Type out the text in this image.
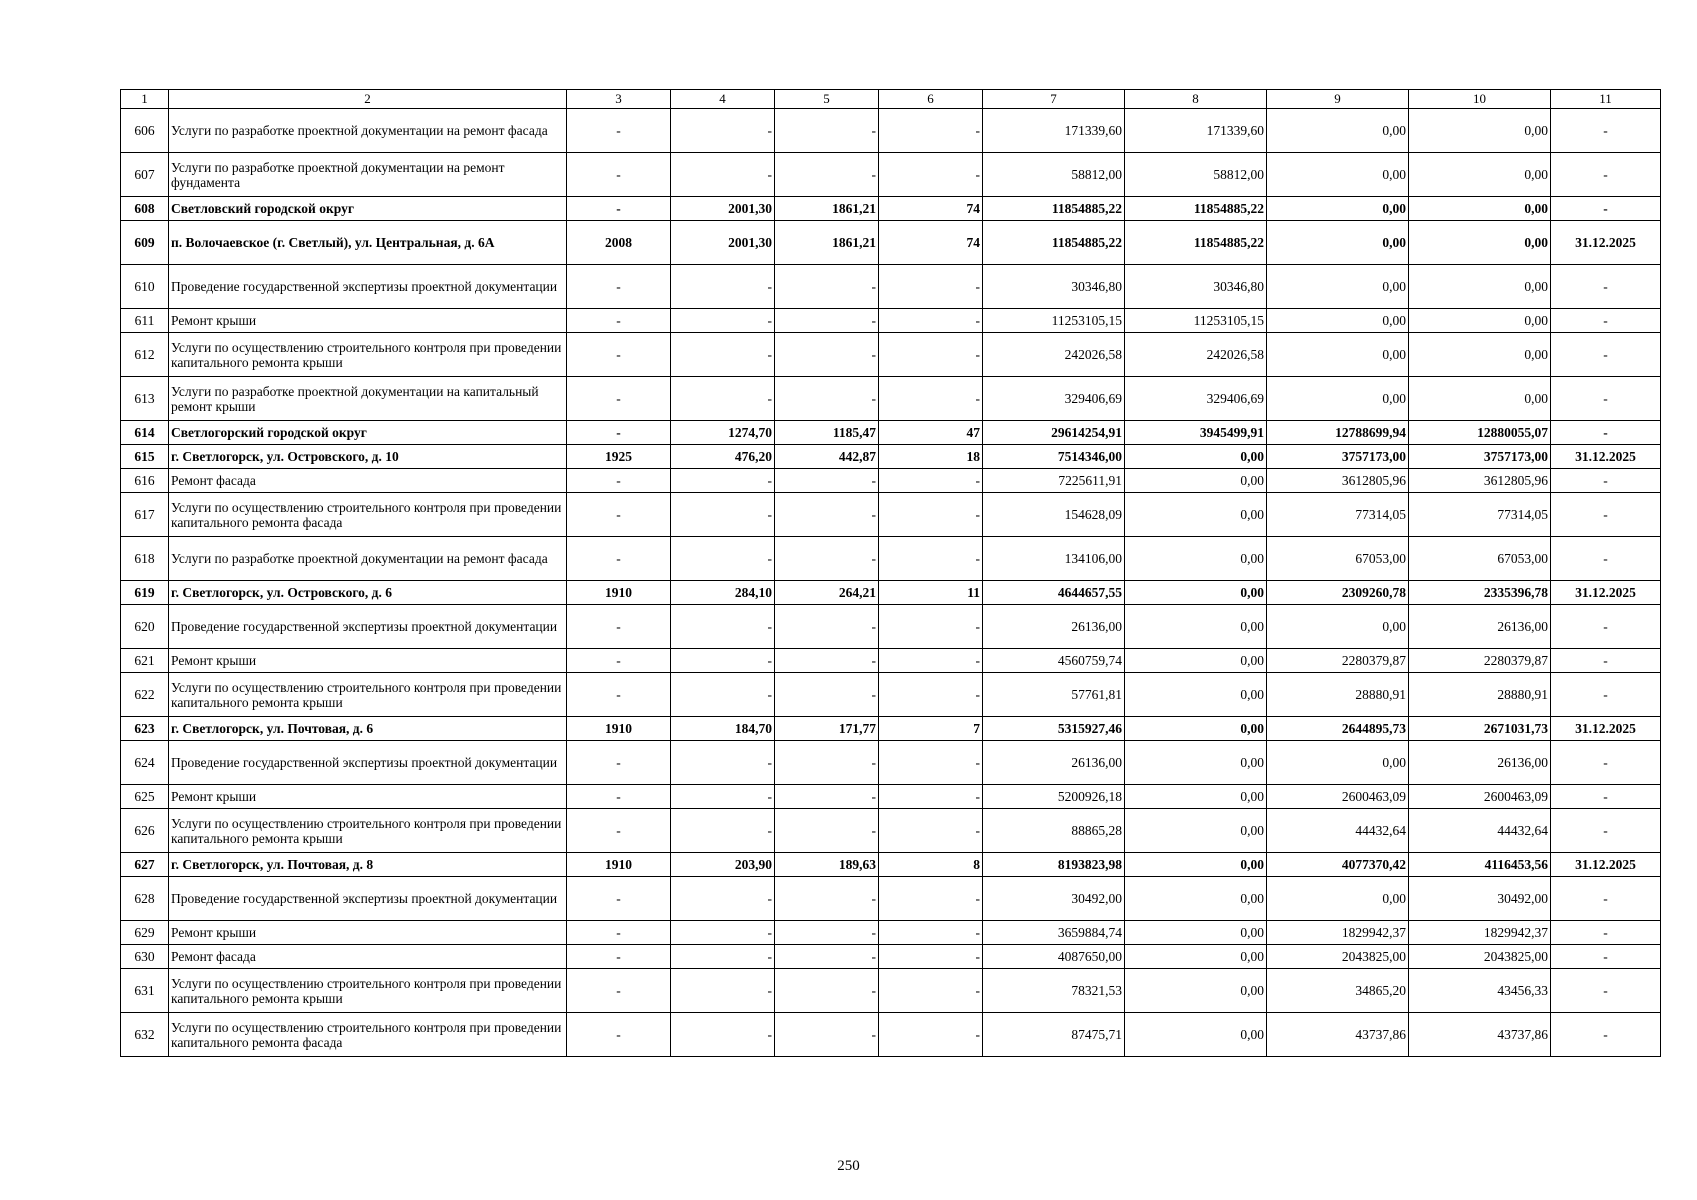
1	2	3	4	5	6	7	8	9	10	11
606	Услуги по разработке проектной документации на ремонт фасада	-	-	-	-	171339,60	171339,60	0,00	0,00	-
607	Услуги по разработке проектной документации на ремонт фундамента	-	-	-	-	58812,00	58812,00	0,00	0,00	-
608	Светловский городской округ	-	2001,30	1861,21	74	11854885,22	11854885,22	0,00	0,00	-
609	п. Волочаевское (г. Светлый), ул. Центральная, д. 6А	2008	2001,30	1861,21	74	11854885,22	11854885,22	0,00	0,00	31.12.2025
610	Проведение государственной экспертизы проектной документации	-	-	-	-	30346,80	30346,80	0,00	0,00	-
611	Ремонт крыши	-	-	-	-	11253105,15	11253105,15	0,00	0,00	-
612	Услуги по осуществлению строительного контроля при проведении капитального ремонта крыши	-	-	-	-	242026,58	242026,58	0,00	0,00	-
613	Услуги по разработке проектной документации на капитальный ремонт крыши	-	-	-	-	329406,69	329406,69	0,00	0,00	-
614	Светлогорский городской округ	-	1274,70	1185,47	47	29614254,91	3945499,91	12788699,94	12880055,07	-
615	г. Светлогорск, ул. Островского, д. 10	1925	476,20	442,87	18	7514346,00	0,00	3757173,00	3757173,00	31.12.2025
616	Ремонт фасада	-	-	-	-	7225611,91	0,00	3612805,96	3612805,96	-
617	Услуги по осуществлению строительного контроля при проведении капитального ремонта фасада	-	-	-	-	154628,09	0,00	77314,05	77314,05	-
618	Услуги по разработке проектной документации на ремонт фасада	-	-	-	-	134106,00	0,00	67053,00	67053,00	-
619	г. Светлогорск, ул. Островского, д. 6	1910	284,10	264,21	11	4644657,55	0,00	2309260,78	2335396,78	31.12.2025
620	Проведение государственной экспертизы проектной документации	-	-	-	-	26136,00	0,00	0,00	26136,00	-
621	Ремонт крыши	-	-	-	-	4560759,74	0,00	2280379,87	2280379,87	-
622	Услуги по осуществлению строительного контроля при проведении капитального ремонта крыши	-	-	-	-	57761,81	0,00	28880,91	28880,91	-
623	г. Светлогорск, ул. Почтовая, д. 6	1910	184,70	171,77	7	5315927,46	0,00	2644895,73	2671031,73	31.12.2025
624	Проведение государственной экспертизы проектной документации	-	-	-	-	26136,00	0,00	0,00	26136,00	-
625	Ремонт крыши	-	-	-	-	5200926,18	0,00	2600463,09	2600463,09	-
626	Услуги по осуществлению строительного контроля при проведении капитального ремонта крыши	-	-	-	-	88865,28	0,00	44432,64	44432,64	-
627	г. Светлогорск, ул. Почтовая, д. 8	1910	203,90	189,63	8	8193823,98	0,00	4077370,42	4116453,56	31.12.2025
628	Проведение государственной экспертизы проектной документации	-	-	-	-	30492,00	0,00	0,00	30492,00	-
629	Ремонт крыши	-	-	-	-	3659884,74	0,00	1829942,37	1829942,37	-
630	Ремонт фасада	-	-	-	-	4087650,00	0,00	2043825,00	2043825,00	-
631	Услуги по осуществлению строительного контроля при проведении капитального ремонта крыши	-	-	-	-	78321,53	0,00	34865,20	43456,33	-
632	Услуги по осуществлению строительного контроля при проведении капитального ремонта фасада	-	-	-	-	87475,71	0,00	43737,86	43737,86	-
250
